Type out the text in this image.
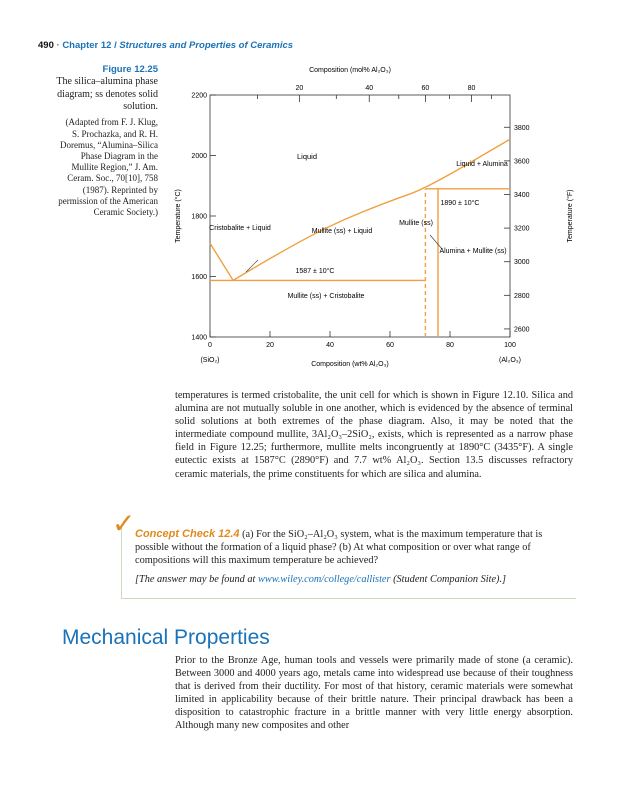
490 · Chapter 12 / Structures and Properties of Ceramics
Figure 12.25
The silica–alumina phase diagram; ss denotes solid solution.
(Adapted from F. J. Klug, S. Prochazka, and R. H. Doremus, “Alumina–Silica Phase Diagram in the Mullite Region,” J. Am. Ceram. Soc., 70[10], 758 (1987). Reprinted by permission of the American Ceramic Society.)
0	20	40	60	80	100
20	40	60	80
1400
1600
1800
2000
2200
2600
2800
3000
3200
3400
3600
3800
Composition (mol% Al₂O₃)
Composition (wt% Al₂O₃)
(SiO₂)	(Al₂O₃)
Temperature (°C)	Temperature (°F)
Liquid
Liquid + Alumina
1890 ± 10°C
Cristobalite + Liquid	Mullite (ss) + Liquid
Mullite (ss)
Alumina + Mullite (ss)
1587 ± 10°C
Mullite (ss) + Cristobalite
temperatures is termed cristobalite, the unit cell for which is shown in Figure 12.10. Silica and alumina are not mutually soluble in one another, which is evidenced by the absence of terminal solid solutions at both extremes of the phase diagram. Also, it may be noted that the intermediate compound mullite, 3Al₂O₃–2SiO₂, exists, which is represented as a narrow phase field in Figure 12.25; furthermore, mullite melts incongruently at 1890°C (3435°F). A single eutectic exists at 1587°C (2890°F) and 7.7 wt% Al₂O₃. Section 13.5 discusses refractory ceramic materials, the prime constituents for which are silica and alumina.
✓ Concept Check 12.4 (a) For the SiO₂–Al₂O₃ system, what is the maximum temperature that is possible without the formation of a liquid phase? (b) At what composition or over what range of compositions will this maximum temperature be achieved?
[The answer may be found at www.wiley.com/college/callister (Student Companion Site).]
Mechanical Properties
Prior to the Bronze Age, human tools and vessels were primarily made of stone (a ceramic). Between 3000 and 4000 years ago, metals came into widespread use because of their toughness that is derived from their ductility. For most of that history, ceramic materials were somewhat limited in applicability because of their brittle nature. Their principal drawback has been a disposition to catastrophic fracture in a brittle manner with very little energy absorption. Although many new composites and other
